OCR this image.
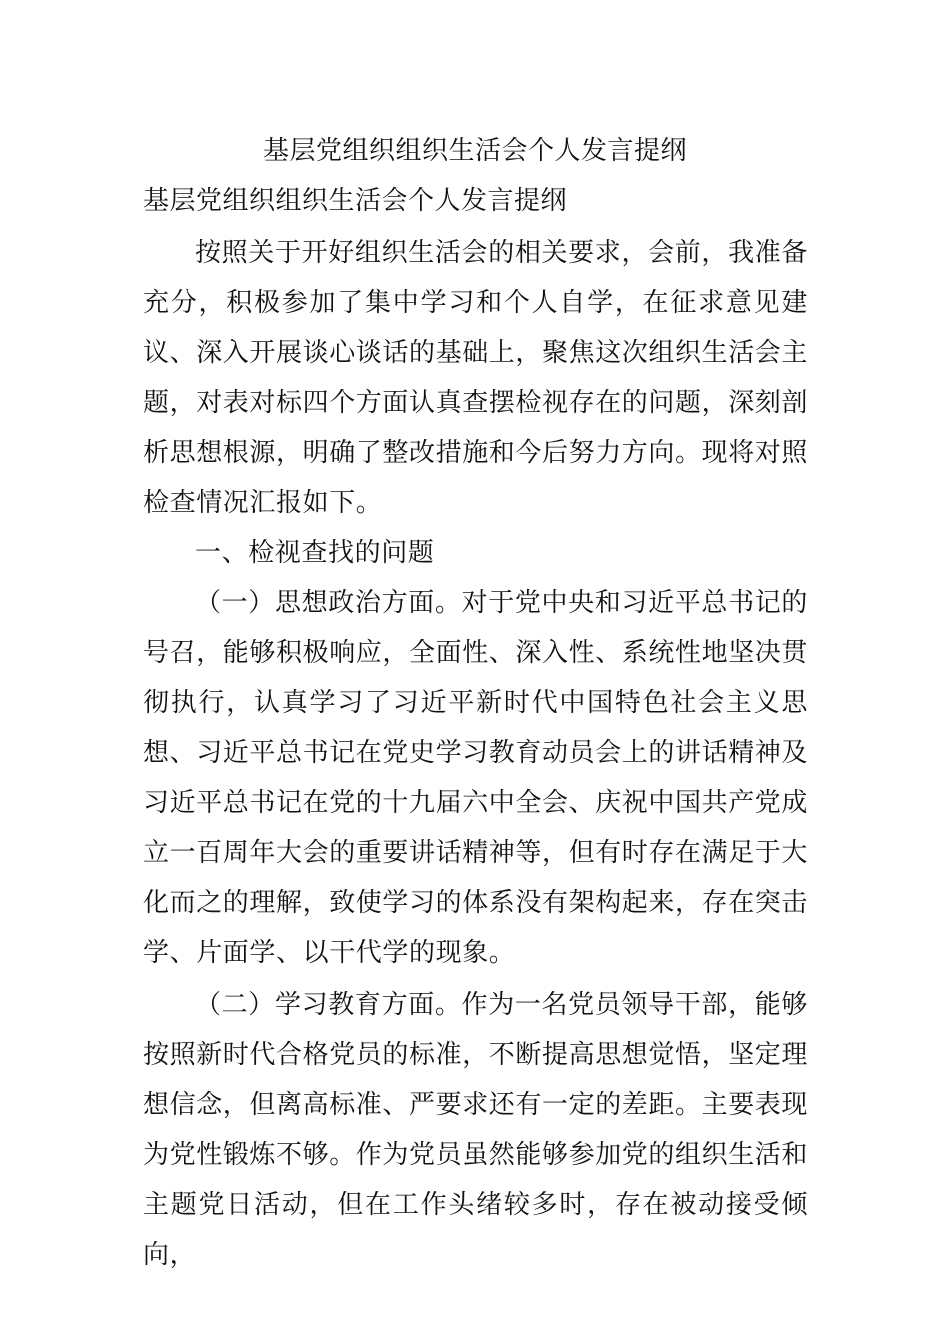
基层党组织组织生活会个人发言提纲
基层党组织组织生活会个人发言提纲

按照关于开好组织生活会的相关要求，会前，我准备充分，积极参加了集中学习和个人自学，在征求意见建议、深入开展谈心谈话的基础上，聚焦这次组织生活会主题，对表对标四个方面认真查摆检视存在的问题，深刻剖析思想根源，明确了整改措施和今后努力方向。现将对照检查情况汇报如下。

一、检视查找的问题

（一）思想政治方面。对于党中央和习近平总书记的号召，能够积极响应，全面性、深入性、系统性地坚决贯彻执行，认真学习了习近平新时代中国特色社会主义思想、习近平总书记在党史学习教育动员会上的讲话精神及习近平总书记在党的十九届六中全会、庆祝中国共产党成立一百周年大会的重要讲话精神等，但有时存在满足于大化而之的理解，致使学习的体系没有架构起来，存在突击学、片面学、以干代学的现象。

（二）学习教育方面。作为一名党员领导干部，能够按照新时代合格党员的标准，不断提高思想觉悟，坚定理想信念，但离高标准、严要求还有一定的差距。主要表现为党性锻炼不够。作为党员虽然能够参加党的组织生活和主题党日活动，但在工作头绪较多时，存在被动接受倾向，
